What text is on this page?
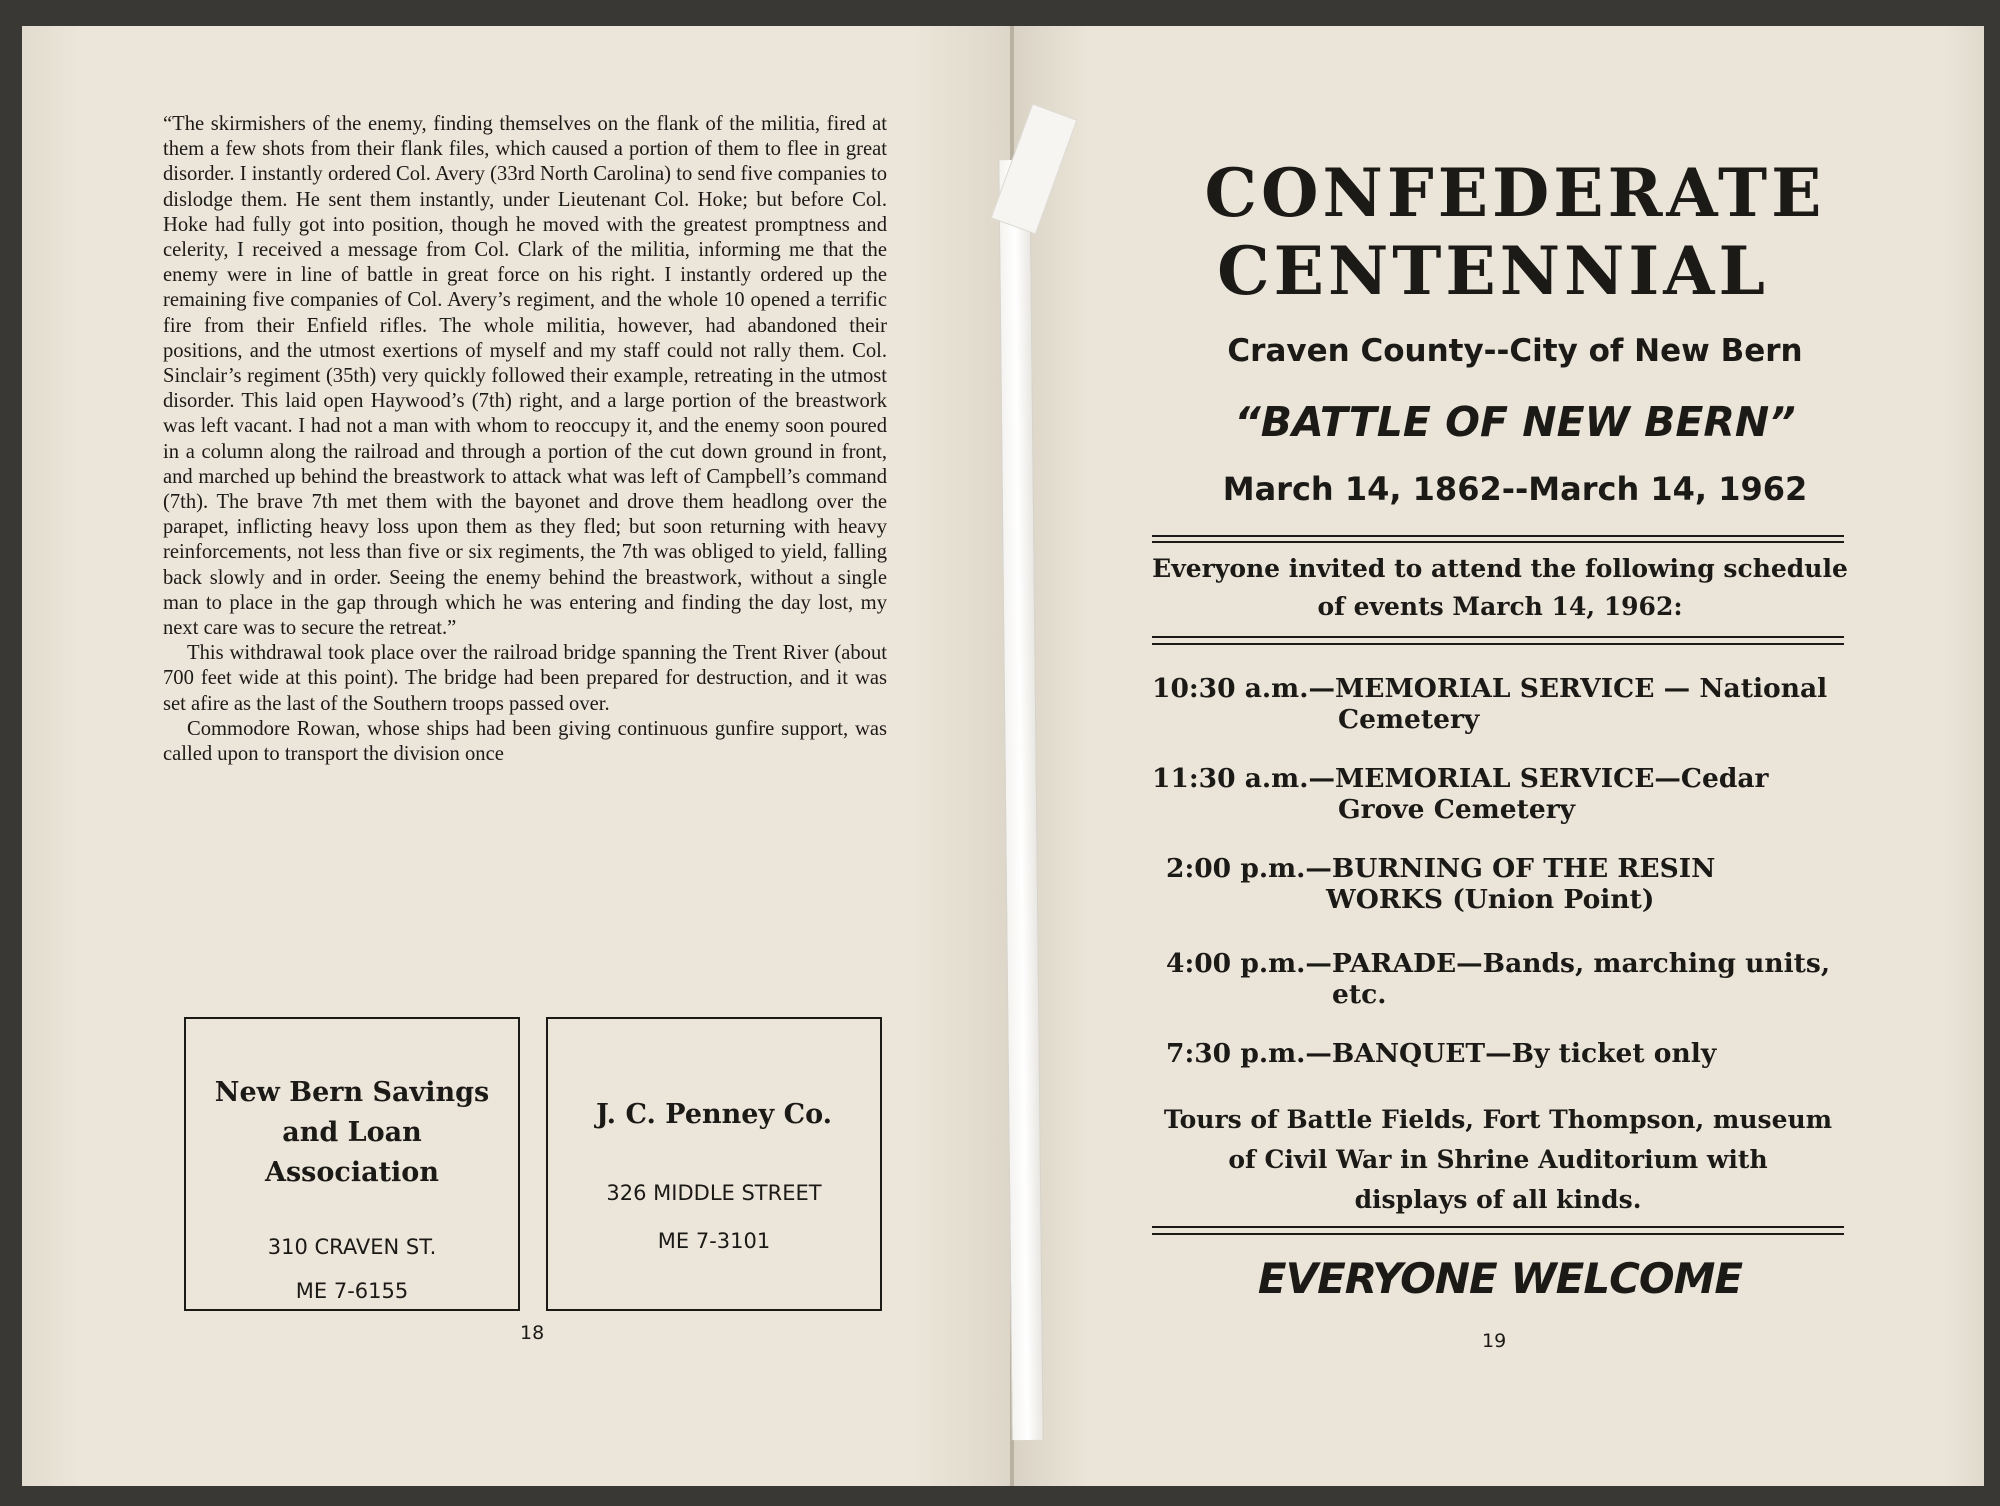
“The skirmishers of the enemy, finding themselves on the flank of the militia, fired at them a few shots from their flank files, which caused a portion of them to flee in great disorder. I instantly ordered Col. Avery (33rd North Carolina) to send five companies to dislodge them. He sent them instantly, under Lieutenant Col. Hoke; but before Col. Hoke had fully got into position, though he moved with the greatest promptness and celerity, I received a message from Col. Clark of the militia, informing me that the enemy were in line of battle in great force on his right. I instantly ordered up the remaining five companies of Col. Avery’s regiment, and the whole 10 opened a terrific fire from their Enfield rifles. The whole militia, however, had abandoned their positions, and the utmost exertions of myself and my staff could not rally them. Col. Sinclair’s regiment (35th) very quickly followed their example, retreating in the utmost disorder. This laid open Haywood’s (7th) right, and a large portion of the breastwork was left vacant. I had not a man with whom to reoccupy it, and the enemy soon poured in a column along the railroad and through a portion of the cut down ground in front, and marched up behind the breastwork to attack what was left of Campbell’s command (7th). The brave 7th met them with the bayonet and drove them headlong over the parapet, inflicting heavy loss upon them as they fled; but soon returning with heavy reinforcements, not less than five or six regiments, the 7th was obliged to yield, falling back slowly and in order. Seeing the enemy behind the breastwork, without a single man to place in the gap through which he was entering and finding the day lost, my next care was to secure the retreat.”

This withdrawal took place over the railroad bridge spanning the Trent River (about 700 feet wide at this point). The bridge had been prepared for destruction, and it was set afire as the last of the Southern troops passed over.

Commodore Rowan, whose ships had been giving continuous gunfire support, was called upon to transport the division once

New Bern Savings and Loan Association
310 CRAVEN ST.
ME 7-6155
J. C. Penney Co.
326 MIDDLE STREET
ME 7-3101
18
CONFEDERATE
CENTENNIAL
Craven County--City of New Bern
“BATTLE OF NEW BERN”
March 14, 1862--March 14, 1962
Everyone invited to attend the following schedule
of events March 14, 1962:
10:30 a.m.—MEMORIAL SERVICE — National
Cemetery
11:30 a.m.—MEMORIAL SERVICE—Cedar
Grove Cemetery
2:00 p.m.—BURNING OF THE RESIN
WORKS (Union Point)
4:00 p.m.—PARADE—Bands, marching units,
etc.
7:30 p.m.—BANQUET—By ticket only
Tours of Battle Fields, Fort Thompson, museum
of Civil War in Shrine Auditorium with
displays of all kinds.
EVERYONE WELCOME
19
